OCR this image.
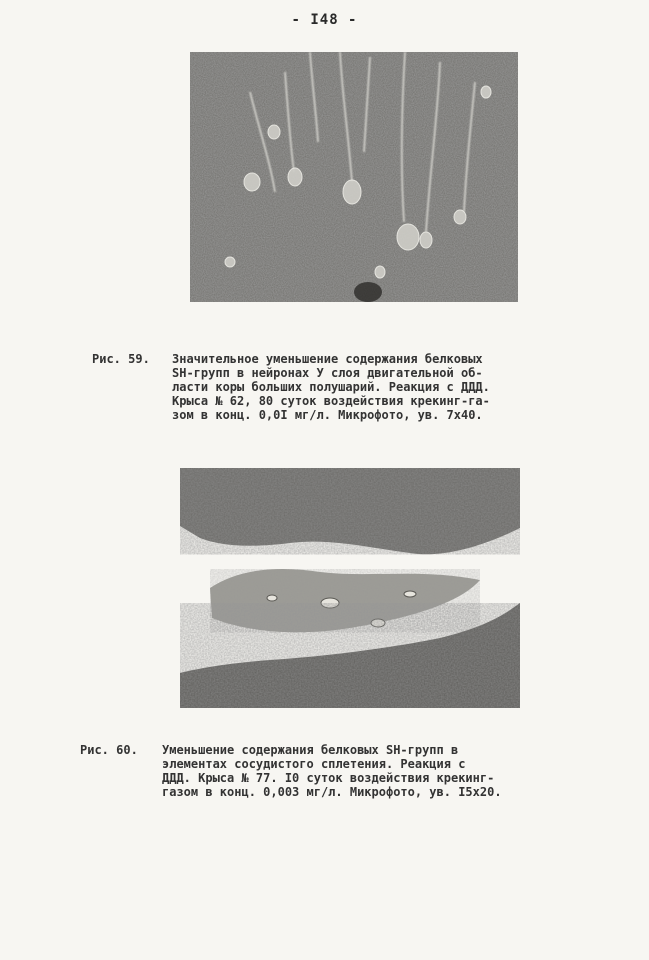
- I48 -
Рис. 59. Значительное уменьшение содержания белковых
SH-групп в нейронах У слоя двигательной об-
ласти коры больших полушарий. Реакция с ДДД.
Крыса № 62, 80 суток воздействия крекинг-га-
зом в конц. 0,0I мг/л. Микрофото, ув. 7х40.
Рис. 60. Уменьшение содержания белковых SH-групп в
элементах сосудистого сплетения. Реакция с
ДДД. Крыса № 77. I0 суток воздействия крекинг-
газом в конц. 0,003 мг/л. Микрофото, ув. I5х20.
